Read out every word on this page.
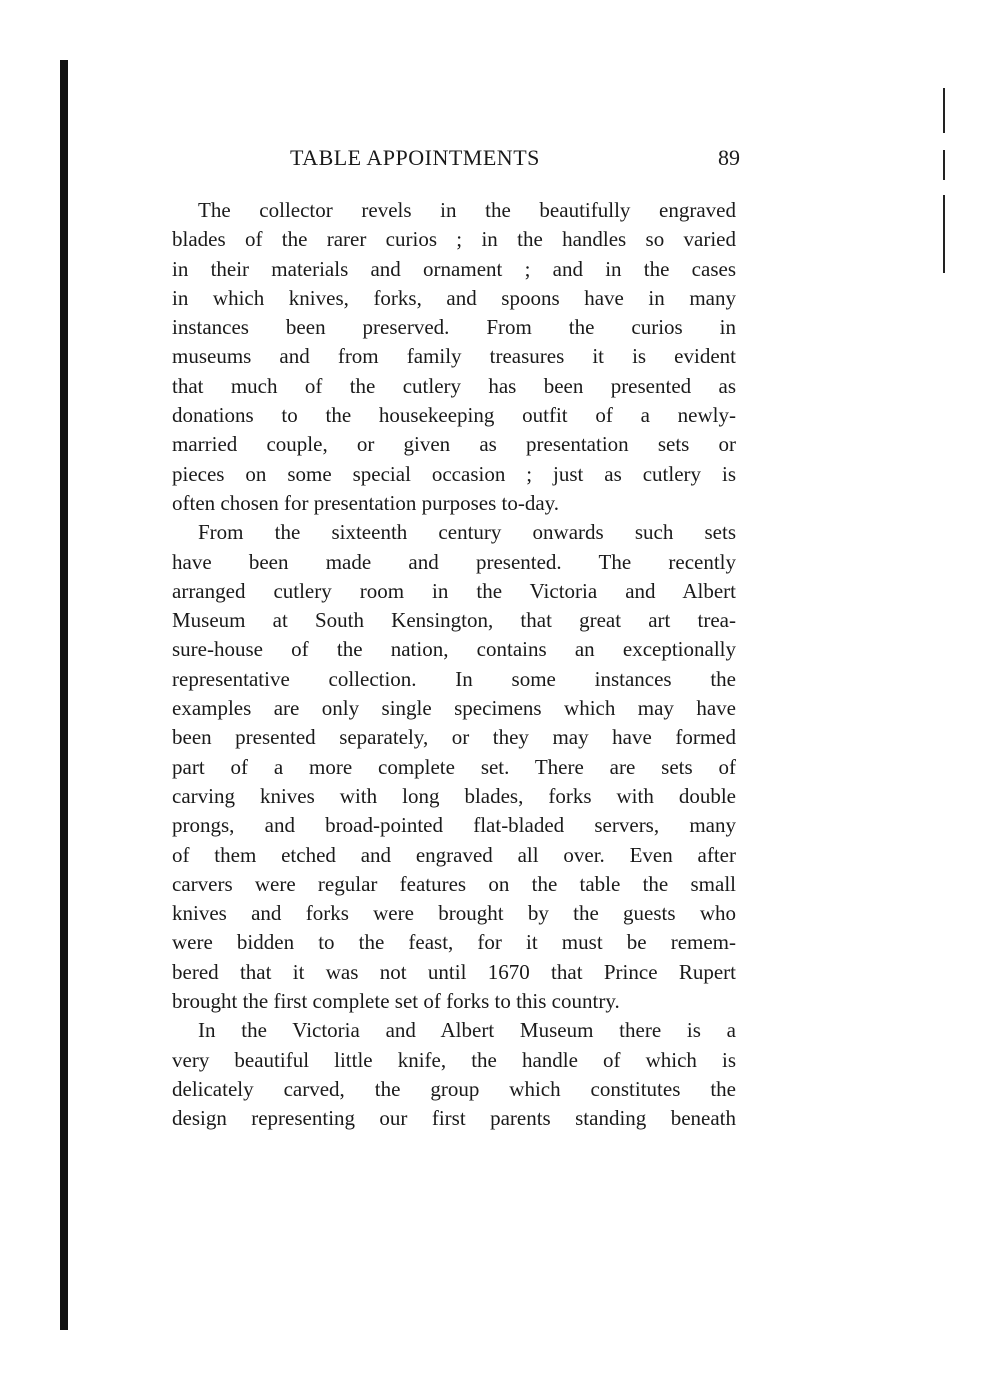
TABLE APPOINTMENTS	89
The collector revels in the beautifully engraved
blades of the rarer curios ; in the handles so varied
in their materials and ornament ; and in the cases
in which knives, forks, and spoons have in many
instances been preserved. From the curios in
museums and from family treasures it is evident
that much of the cutlery has been presented as
donations to the housekeeping outfit of a newly-
married couple, or given as presentation sets or
pieces on some special occasion ; just as cutlery is
often chosen for presentation purposes to-day.
From the sixteenth century onwards such sets
have been made and presented. The recently
arranged cutlery room in the Victoria and Albert
Museum at South Kensington, that great art trea-
sure-house of the nation, contains an exceptionally
representative collection. In some instances the
examples are only single specimens which may have
been presented separately, or they may have formed
part of a more complete set. There are sets of
carving knives with long blades, forks with double
prongs, and broad-pointed flat-bladed servers, many
of them etched and engraved all over. Even after
carvers were regular features on the table the small
knives and forks were brought by the guests who
were bidden to the feast, for it must be remem-
bered that it was not until 1670 that Prince Rupert
brought the first complete set of forks to this country.
In the Victoria and Albert Museum there is a
very beautiful little knife, the handle of which is
delicately carved, the group which constitutes the
design representing our first parents standing beneath
